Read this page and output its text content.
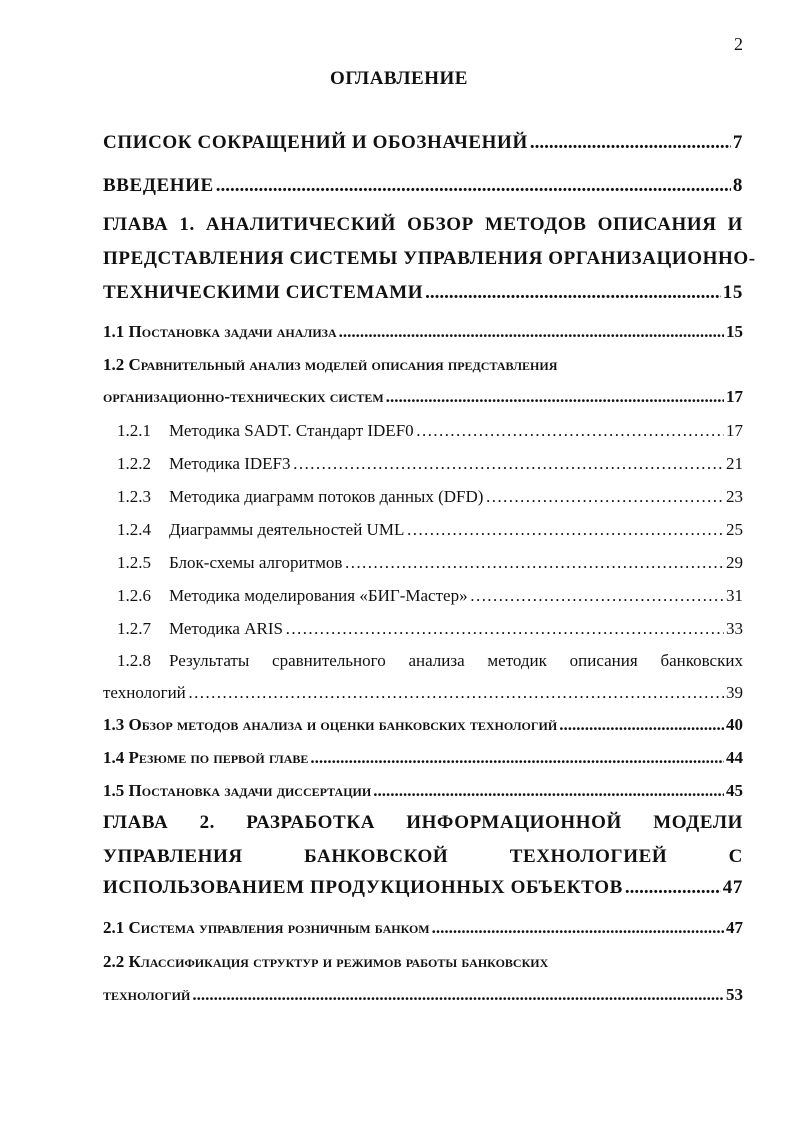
2
ОГЛАВЛЕНИЕ
СПИСОК СОКРАЩЕНИЙ И ОБОЗНАЧЕНИЙ .....	7
ВВЕДЕНИЕ .....	8
ГЛАВА 1. АНАЛИТИЧЕСКИЙ ОБЗОР МЕТОДОВ ОПИСАНИЯ И
ПРЕДСТАВЛЕНИЯ СИСТЕМЫ УПРАВЛЕНИЯ ОРГАНИЗАЦИОННО-
ТЕХНИЧЕСКИМИ СИСТЕМАМИ .....	15
1.1 Постановка задачи анализа .....	15
1.2 Сравнительный анализ моделей описания представления
организационно-технических систем .....	17
1.2.1 Методика SADT. Стандарт IDEF0 ……………………………………………………………………………………………………………………………………	17
1.2.2 Методика IDEF3 ……………………………………………………………………………………………………………………………………	21
1.2.3 Методика диаграмм потоков данных (DFD) ……………………………………………………………………………………………………………………………………	23
1.2.4 Диаграммы деятельностей UML ……………………………………………………………………………………………………………………………………	25
1.2.5 Блок-схемы алгоритмов ……………………………………………………………………………………………………………………………………	29
1.2.6 Методика моделирования «БИГ-Мастер» ……………………………………………………………………………………………………………………………………	31
1.2.7 Методика ARIS ……………………………………………………………………………………………………………………………………	33
1.2.8 Результаты сравнительного анализа методик описания банковских
технологий ……………………………………………………………………………………………………………………………………	39
1.3 Обзор методов анализа и оценки банковских технологий .....	40
1.4 Резюме по первой главе .....	44
1.5 Постановка задачи диссертации .....	45
ГЛАВА 2. РАЗРАБОТКА ИНФОРМАЦИОННОЙ МОДЕЛИ
УПРАВЛЕНИЯ	БАНКОВСКОЙ	ТЕХНОЛОГИЕЙ	С
ИСПОЛЬЗОВАНИЕМ ПРОДУКЦИОННЫХ ОБЪЕКТОВ .....	47
2.1 Система управления розничным банком .....	47
2.2 Классификация структур и режимов работы банковских
технологий .....	53
